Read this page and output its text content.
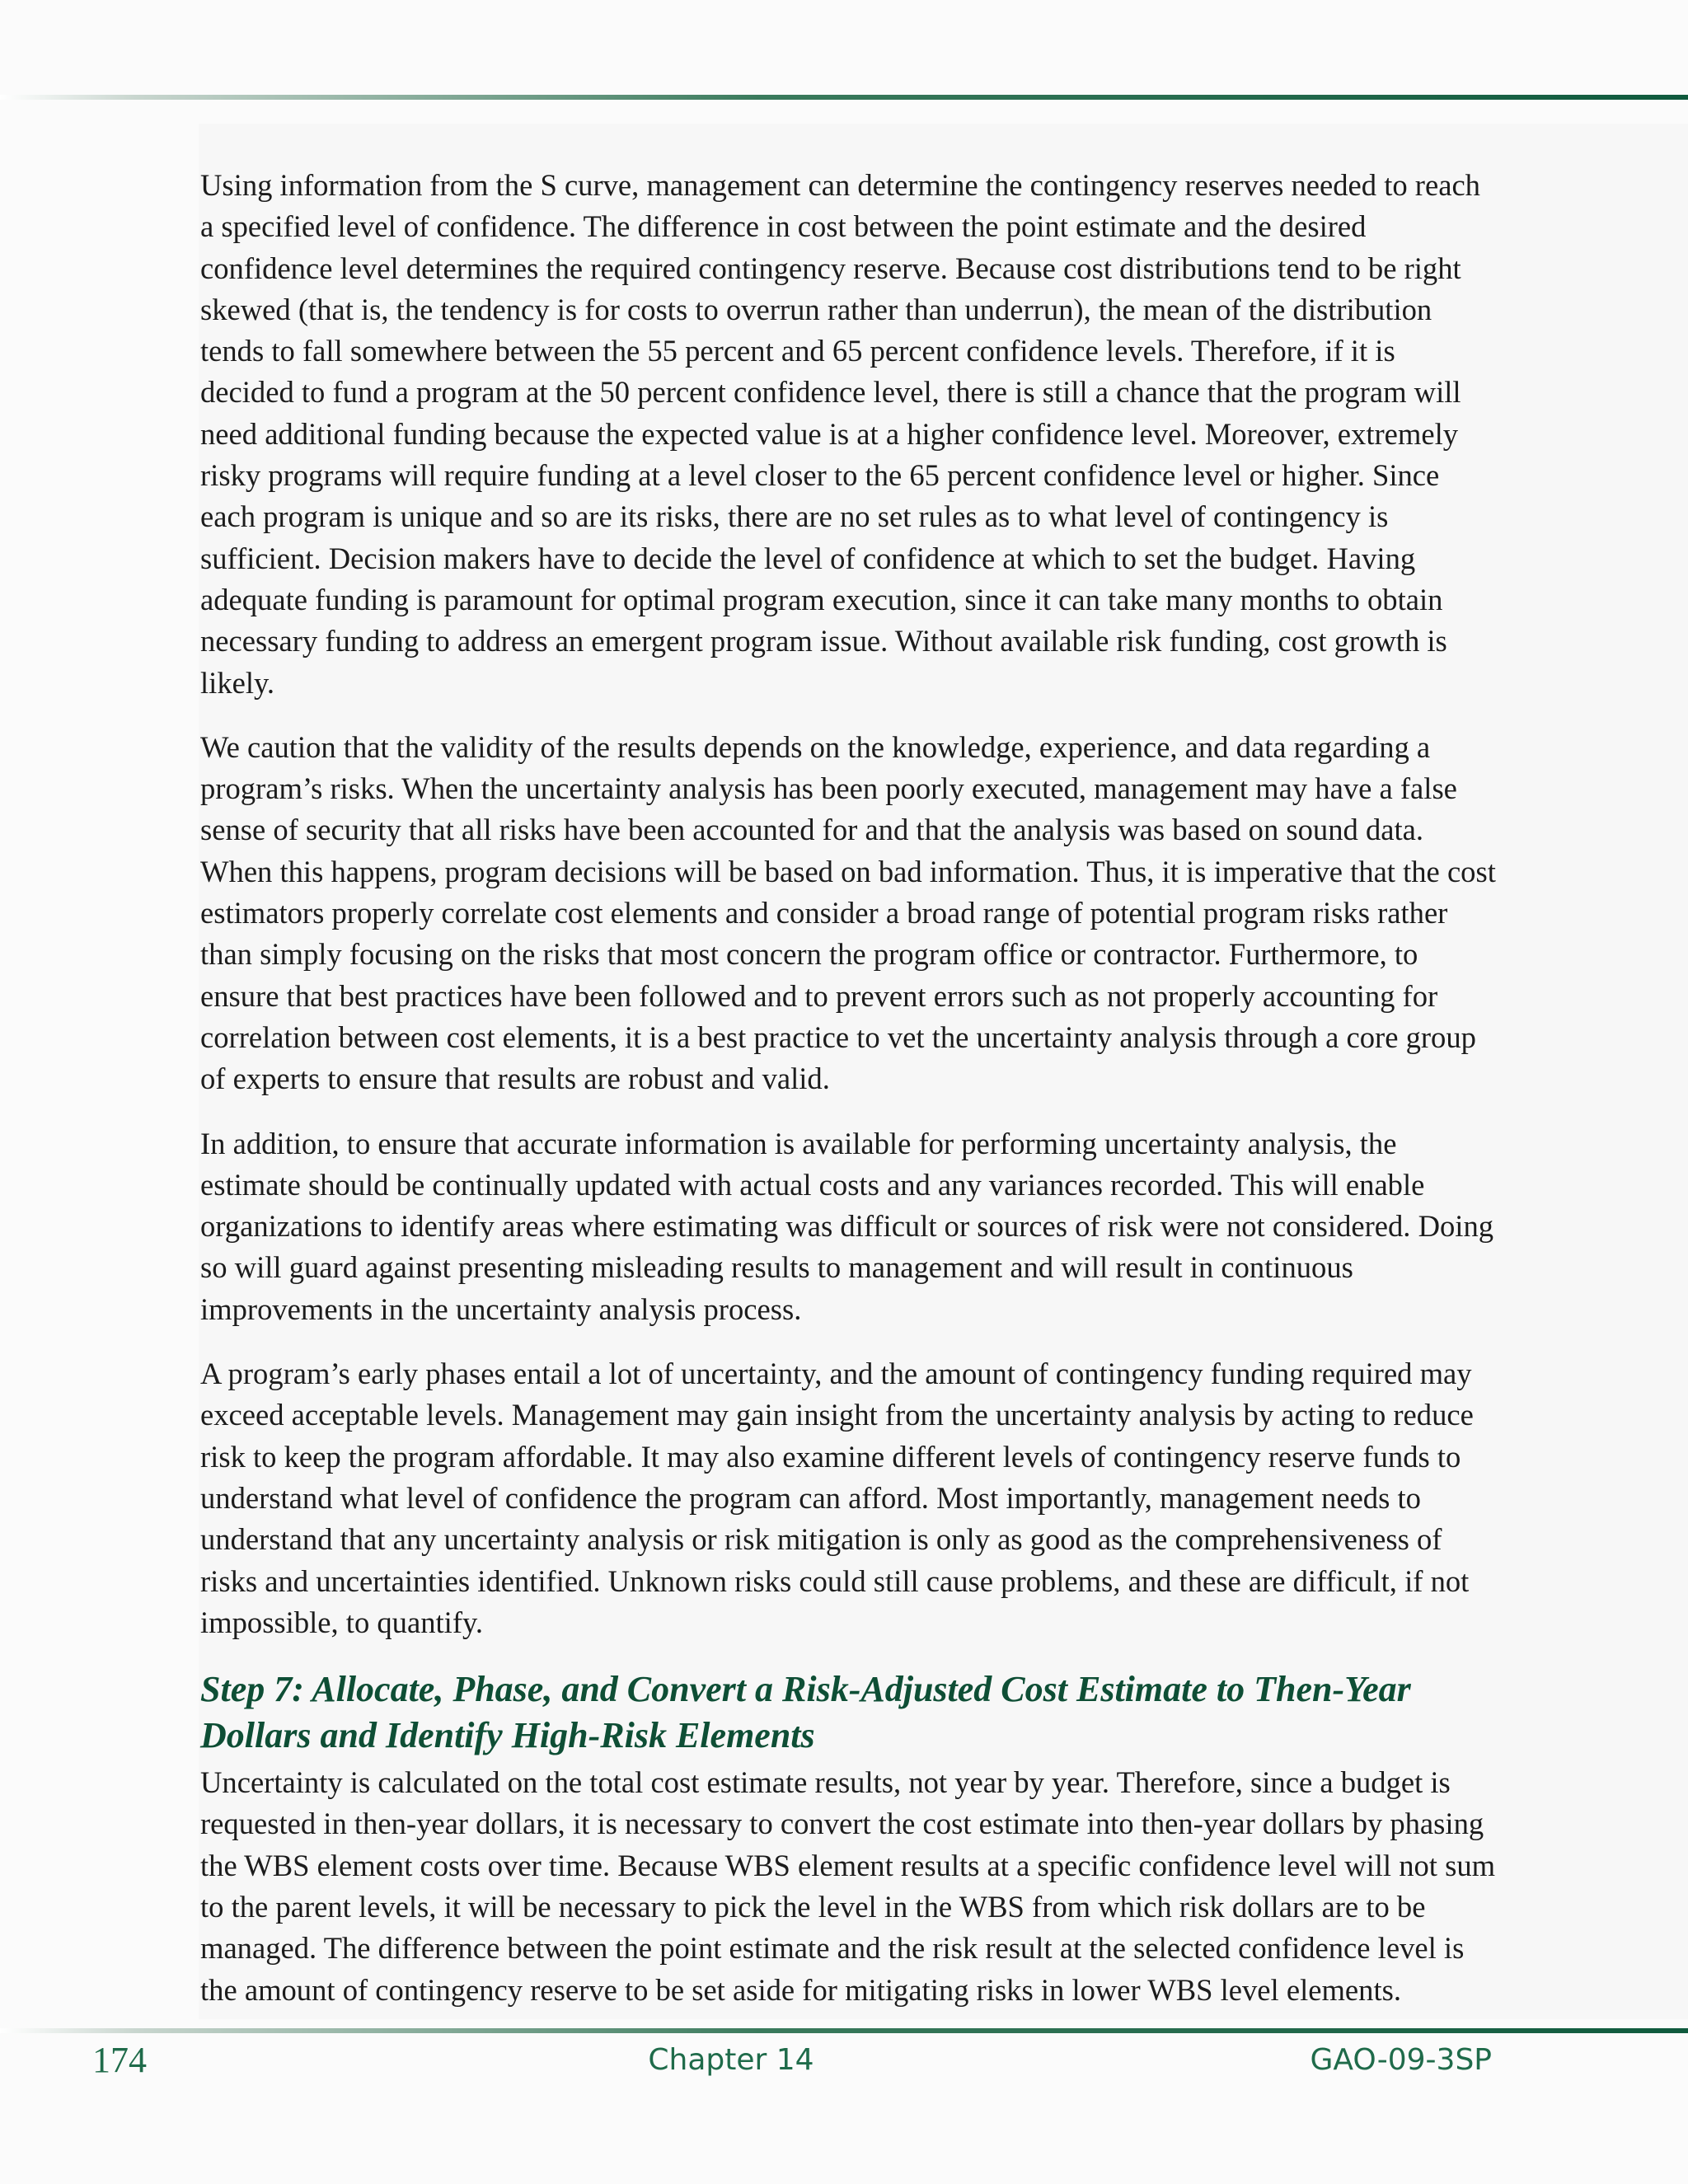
Using information from the S curve, management can determine the contingency reserves needed to reach a specified level of confidence. The difference in cost between the point estimate and the desired confidence level determines the required contingency reserve. Because cost distributions tend to be right skewed (that is, the tendency is for costs to overrun rather than underrun), the mean of the distribution tends to fall somewhere between the 55 percent and 65 percent confidence levels. Therefore, if it is decided to fund a program at the 50 percent confidence level, there is still a chance that the program will need additional funding because the expected value is at a higher confidence level. Moreover, extremely risky programs will require funding at a level closer to the 65 percent confidence level or higher. Since each program is unique and so are its risks, there are no set rules as to what level of contingency is sufficient. Decision makers have to decide the level of confidence at which to set the budget. Having adequate funding is paramount for optimal program execution, since it can take many months to obtain necessary funding to address an emergent program issue. Without available risk funding, cost growth is likely.

We caution that the validity of the results depends on the knowledge, experience, and data regarding a program’s risks. When the uncertainty analysis has been poorly executed, management may have a false sense of security that all risks have been accounted for and that the analysis was based on sound data. When this happens, program decisions will be based on bad information. Thus, it is imperative that the cost estimators properly correlate cost elements and consider a broad range of potential program risks rather than simply focusing on the risks that most concern the program office or contractor. Furthermore, to ensure that best practices have been followed and to prevent errors such as not properly accounting for correlation between cost elements, it is a best practice to vet the uncertainty analysis through a core group of experts to ensure that results are robust and valid.

In addition, to ensure that accurate information is available for performing uncertainty analysis, the estimate should be continually updated with actual costs and any variances recorded. This will enable organizations to identify areas where estimating was difficult or sources of risk were not considered. Doing so will guard against presenting misleading results to management and will result in continuous improvements in the uncertainty analysis process.

A program’s early phases entail a lot of uncertainty, and the amount of contingency funding required may exceed acceptable levels. Management may gain insight from the uncertainty analysis by acting to reduce risk to keep the program affordable. It may also examine different levels of contingency reserve funds to understand what level of confidence the program can afford. Most importantly, management needs to understand that any uncertainty analysis or risk mitigation is only as good as the comprehensiveness of risks and uncertainties identified. Unknown risks could still cause problems, and these are difficult, if not impossible, to quantify.

Step 7: Allocate, Phase, and Convert a Risk-Adjusted Cost Estimate to Then-Year Dollars and Identify High-Risk Elements

Uncertainty is calculated on the total cost estimate results, not year by year. Therefore, since a budget is requested in then-year dollars, it is necessary to convert the cost estimate into then-year dollars by phasing the WBS element costs over time. Because WBS element results at a specific confidence level will not sum to the parent levels, it will be necessary to pick the level in the WBS from which risk dollars are to be managed. The difference between the point estimate and the risk result at the selected confidence level is the amount of contingency reserve to be set aside for mitigating risks in lower WBS level elements.

174	Chapter 14	GAO-09-3SP
